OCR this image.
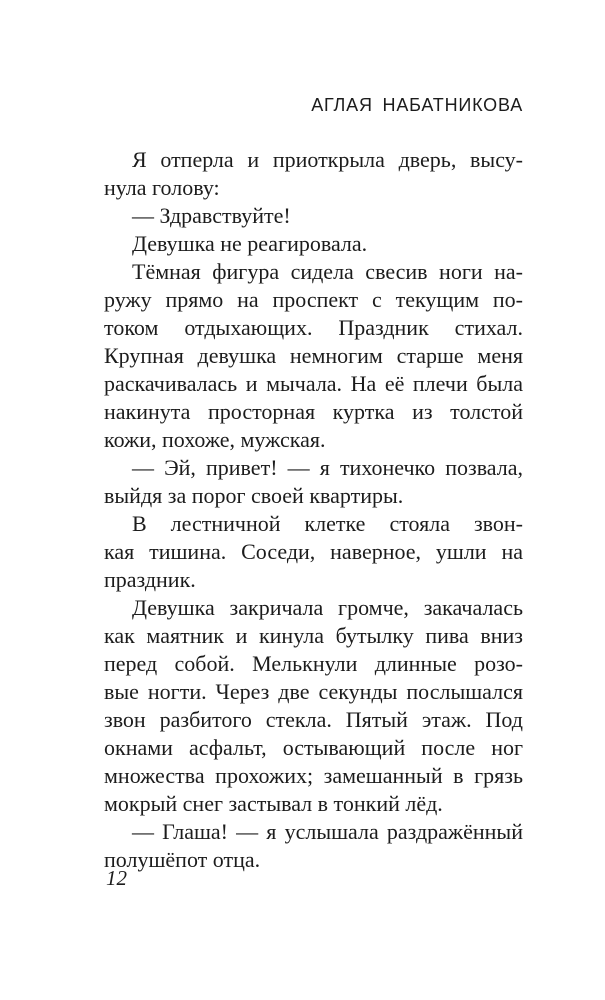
АГЛАЯ НАБАТНИКОВА
Я отперла и приоткрыла дверь, высу-
нула голову:
— Здравствуйте!
Девушка не реагировала.
Тёмная фигура сидела свесив ноги на-
ружу прямо на проспект с текущим по-
током отдыхающих. Праздник стихал.
Крупная девушка немногим старше меня
раскачивалась и мычала. На её плечи была
накинута просторная куртка из толстой
кожи, похоже, мужская.
— Эй, привет! — я тихонечко позвала,
выйдя за порог своей квартиры.
В лестничной клетке стояла звон-
кая тишина. Соседи, наверное, ушли на
праздник.
Девушка закричала громче, закачалась
как маятник и кинула бутылку пива вниз
перед собой. Мелькнули длинные розо-
вые ногти. Через две секунды послышался
звон разбитого стекла. Пятый этаж. Под
окнами асфальт, остывающий после ног
множества прохожих; замешанный в грязь
мокрый снег застывал в тонкий лёд.
— Глаша! — я услышала раздражённый
полушёпот отца.
12
